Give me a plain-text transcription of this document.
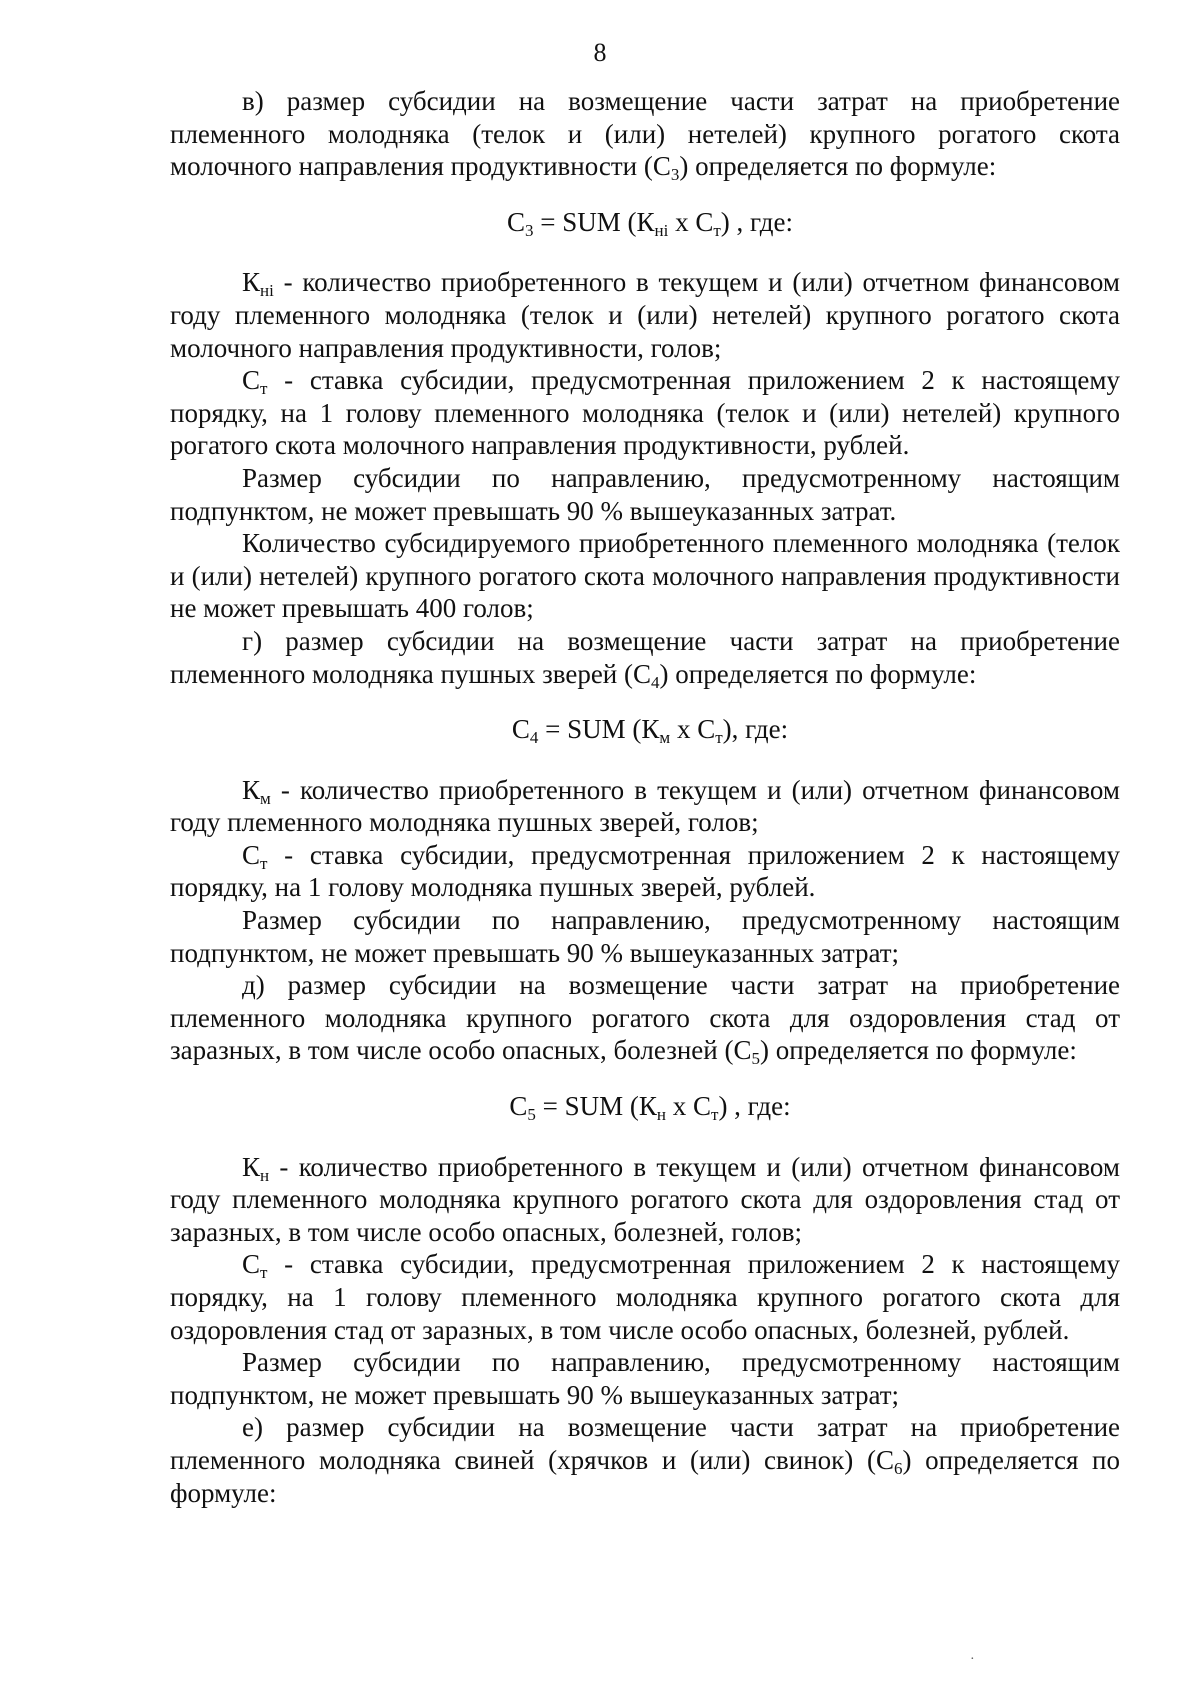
8

в) размер субсидии на возмещение части затрат на приобретение племенного молодняка (телок и (или) нетелей) крупного рогатого скота молочного направления продуктивности $(С_3)$ определяется по формуле:

$С_3$ = SUM ($К_{нi}$ x $С_т$) , где:

$К_{нi}$ - количество приобретенного в текущем и (или) отчетном финансовом году племенного молодняка (телок и (или) нетелей) крупного рогатого скота молочного направления продуктивности, голов;

$С_т$ - ставка субсидии, предусмотренная приложением 2 к настоящему порядку, на 1 голову племенного молодняка (телок и (или) нетелей) крупного рогатого скота молочного направления продуктивности, рублей.

Размер субсидии по направлению, предусмотренному настоящим подпунктом, не может превышать 90 % вышеуказанных затрат.

Количество субсидируемого приобретенного племенного молодняка (телок и (или) нетелей) крупного рогатого скота молочного направления продуктивности не может превышать 400 голов;

г) размер субсидии на возмещение части затрат на приобретение племенного молодняка пушных зверей $(С_4)$ определяется по формуле:

$С_4$ = SUM ($К_м$ x $С_т$), где:

$К_м$ - количество приобретенного в текущем и (или) отчетном финансовом году племенного молодняка пушных зверей, голов;

$С_т$ - ставка субсидии, предусмотренная приложением 2 к настоящему порядку, на 1 голову молодняка пушных зверей, рублей.

Размер субсидии по направлению, предусмотренному настоящим подпунктом, не может превышать 90 % вышеуказанных затрат;

д) размер субсидии на возмещение части затрат на приобретение племенного молодняка крупного рогатого скота для оздоровления стад от заразных, в том числе особо опасных, болезней $(С_5)$ определяется по формуле:

$С_5$ = SUM ($К_н$ x $С_т$) , где:

$К_н$ - количество приобретенного в текущем и (или) отчетном финансовом году племенного молодняка крупного рогатого скота для оздоровления стад от заразных, в том числе особо опасных, болезней, голов;

$С_т$ - ставка субсидии, предусмотренная приложением 2 к настоящему порядку, на 1 голову племенного молодняка крупного рогатого скота для оздоровления стад от заразных, в том числе особо опасных, болезней, рублей.

Размер субсидии по направлению, предусмотренному настоящим подпунктом, не может превышать 90 % вышеуказанных затрат;

е) размер субсидии на возмещение части затрат на приобретение племенного молодняка свиней (хрячков и (или) свинок) $(С_6)$ определяется по формуле:

·
